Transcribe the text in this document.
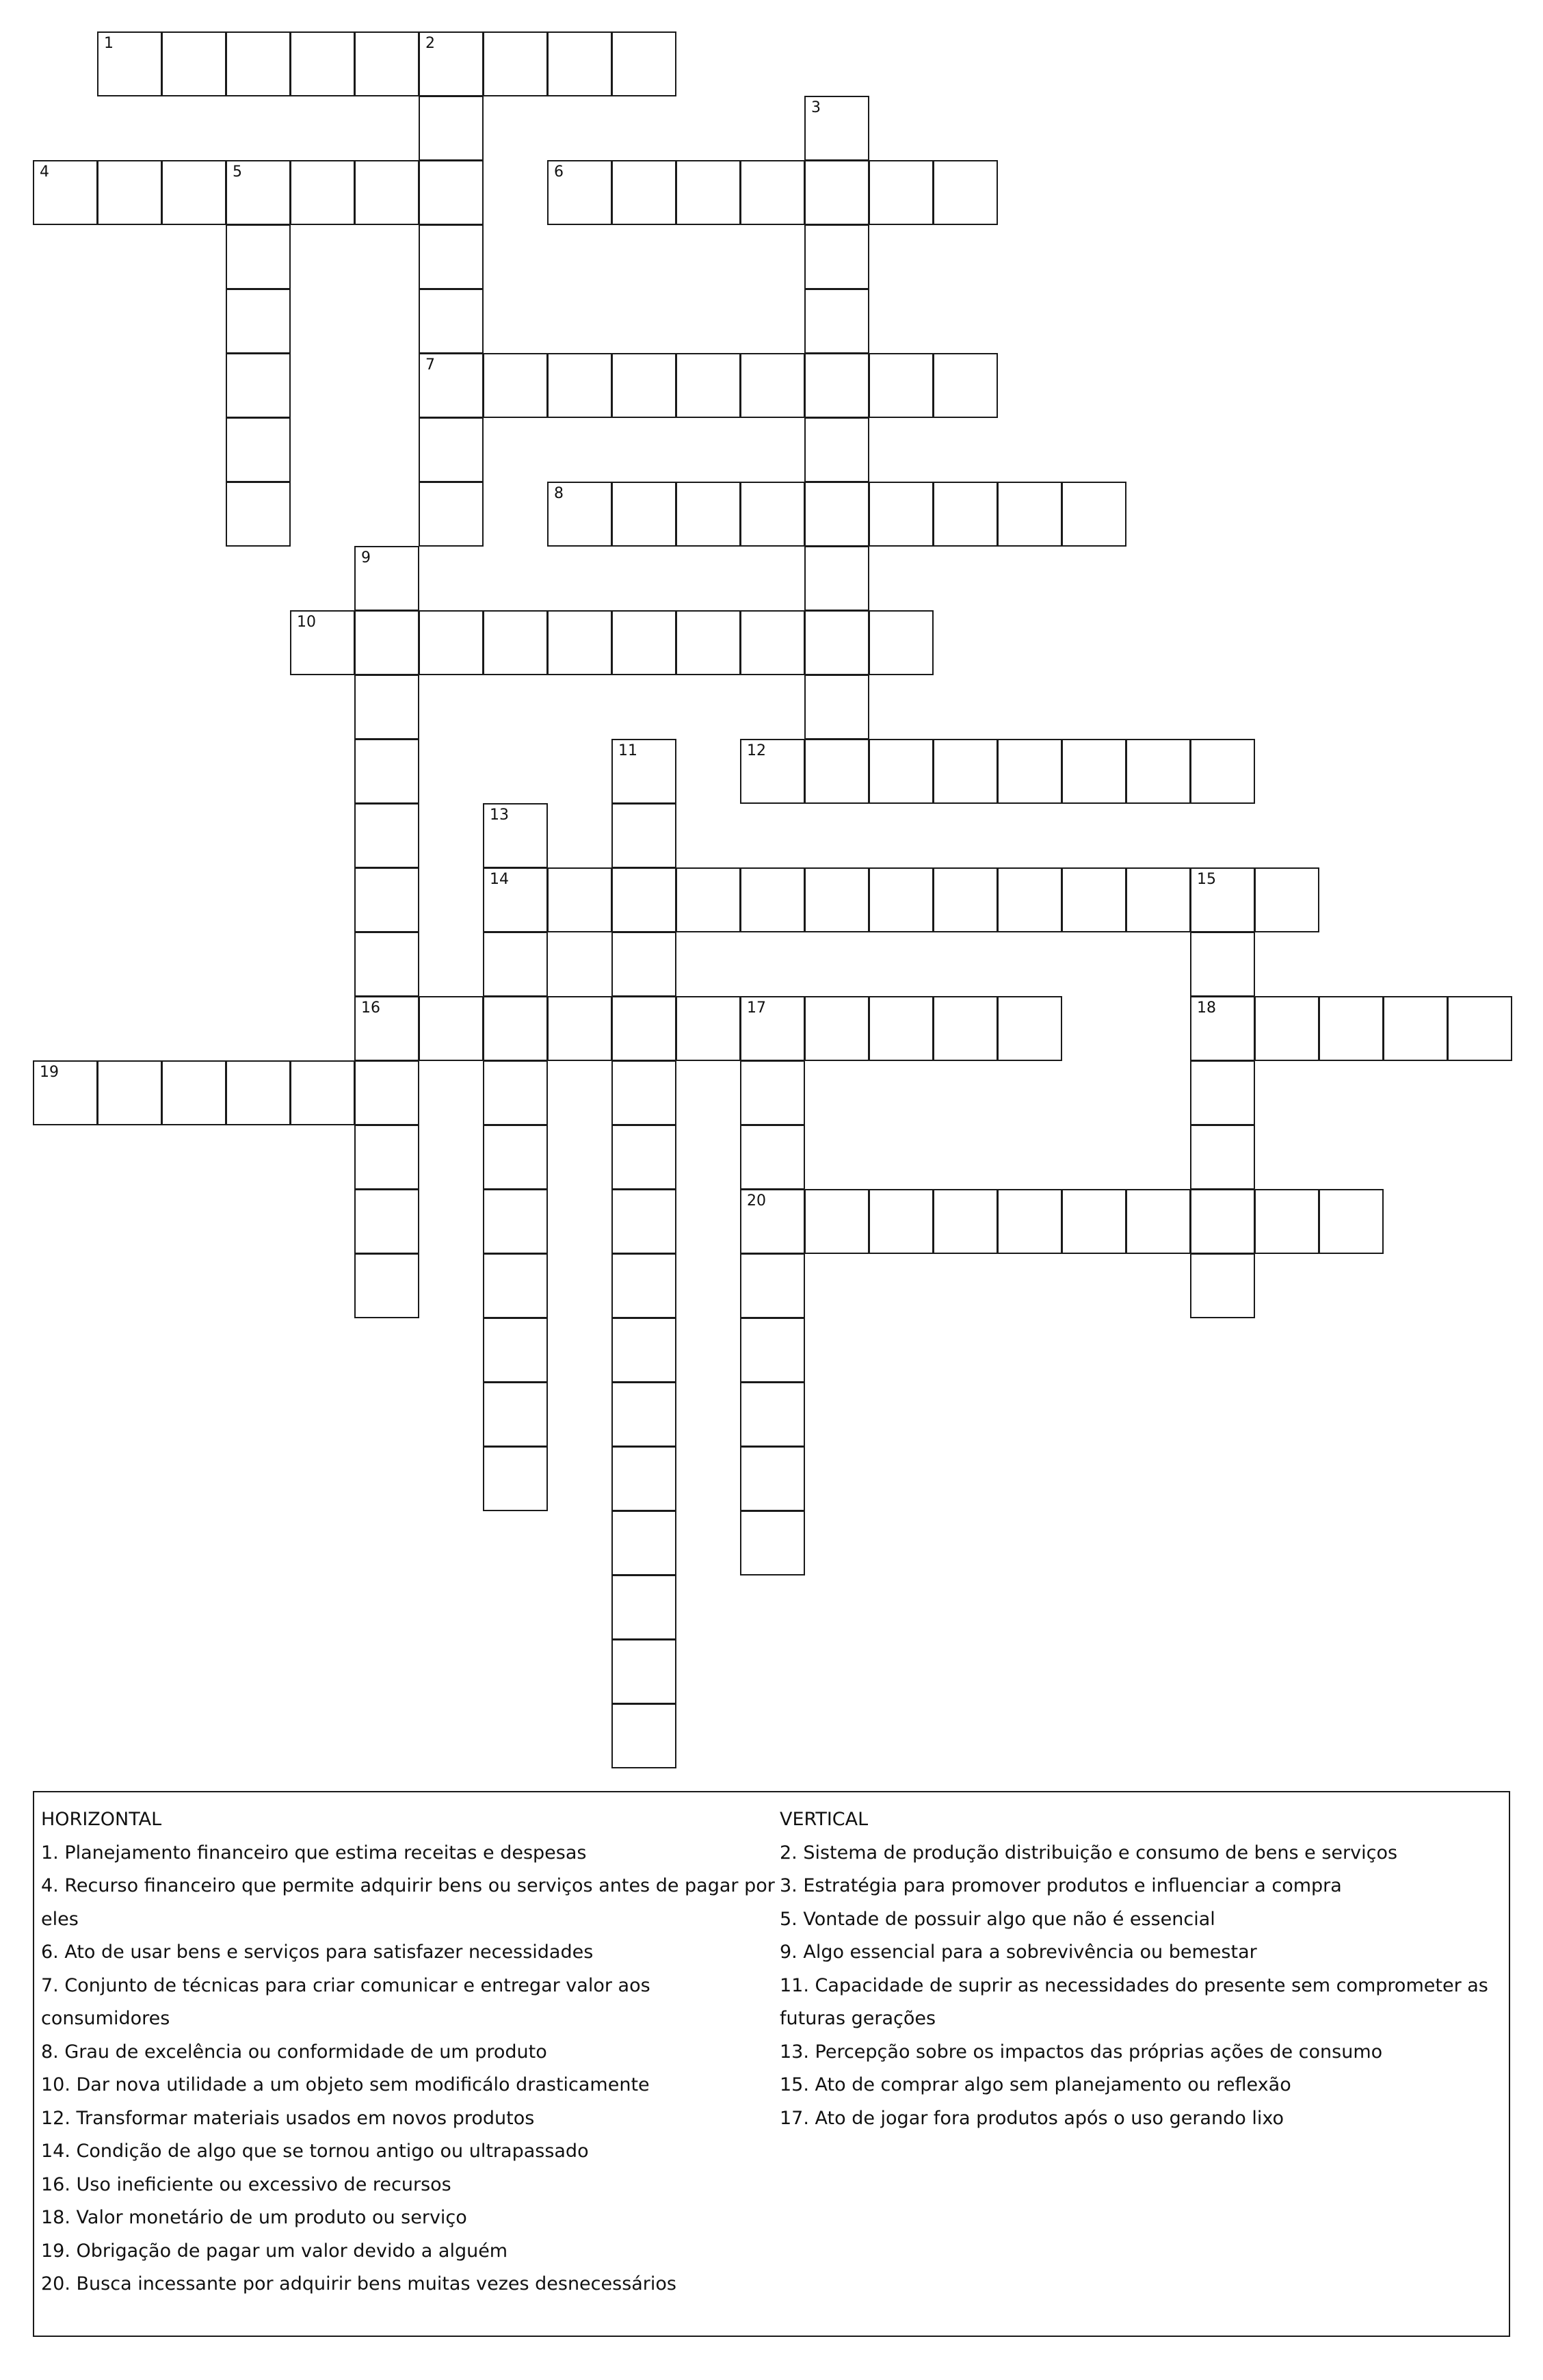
1	2
7
3
4	5	6
8
9
16
10
11	12
13
14	15
18
17
20
19
HORIZONTAL
1. Planejamento financeiro que estima receitas e despesas
4. Recurso financeiro que permite adquirir bens ou serviços antes de pagar por eles
6. Ato de usar bens e serviços para satisfazer necessidades
7. Conjunto de técnicas para criar comunicar e entregar valor aos consumidores
8. Grau de excelência ou conformidade de um produto
10. Dar nova utilidade a um objeto sem modificálo drasticamente
12. Transformar materiais usados em novos produtos
14. Condição de algo que se tornou antigo ou ultrapassado
16. Uso ineficiente ou excessivo de recursos
18. Valor monetário de um produto ou serviço
19. Obrigação de pagar um valor devido a alguém
20. Busca incessante por adquirir bens muitas vezes desnecessários
VERTICAL
2. Sistema de produção distribuição e consumo de bens e serviços
3. Estratégia para promover produtos e influenciar a compra
5. Vontade de possuir algo que não é essencial
9. Algo essencial para a sobrevivência ou bemestar
11. Capacidade de suprir as necessidades do presente sem comprometer as futuras gerações
13. Percepção sobre os impactos das próprias ações de consumo
15. Ato de comprar algo sem planejamento ou reflexão
17. Ato de jogar fora produtos após o uso gerando lixo
